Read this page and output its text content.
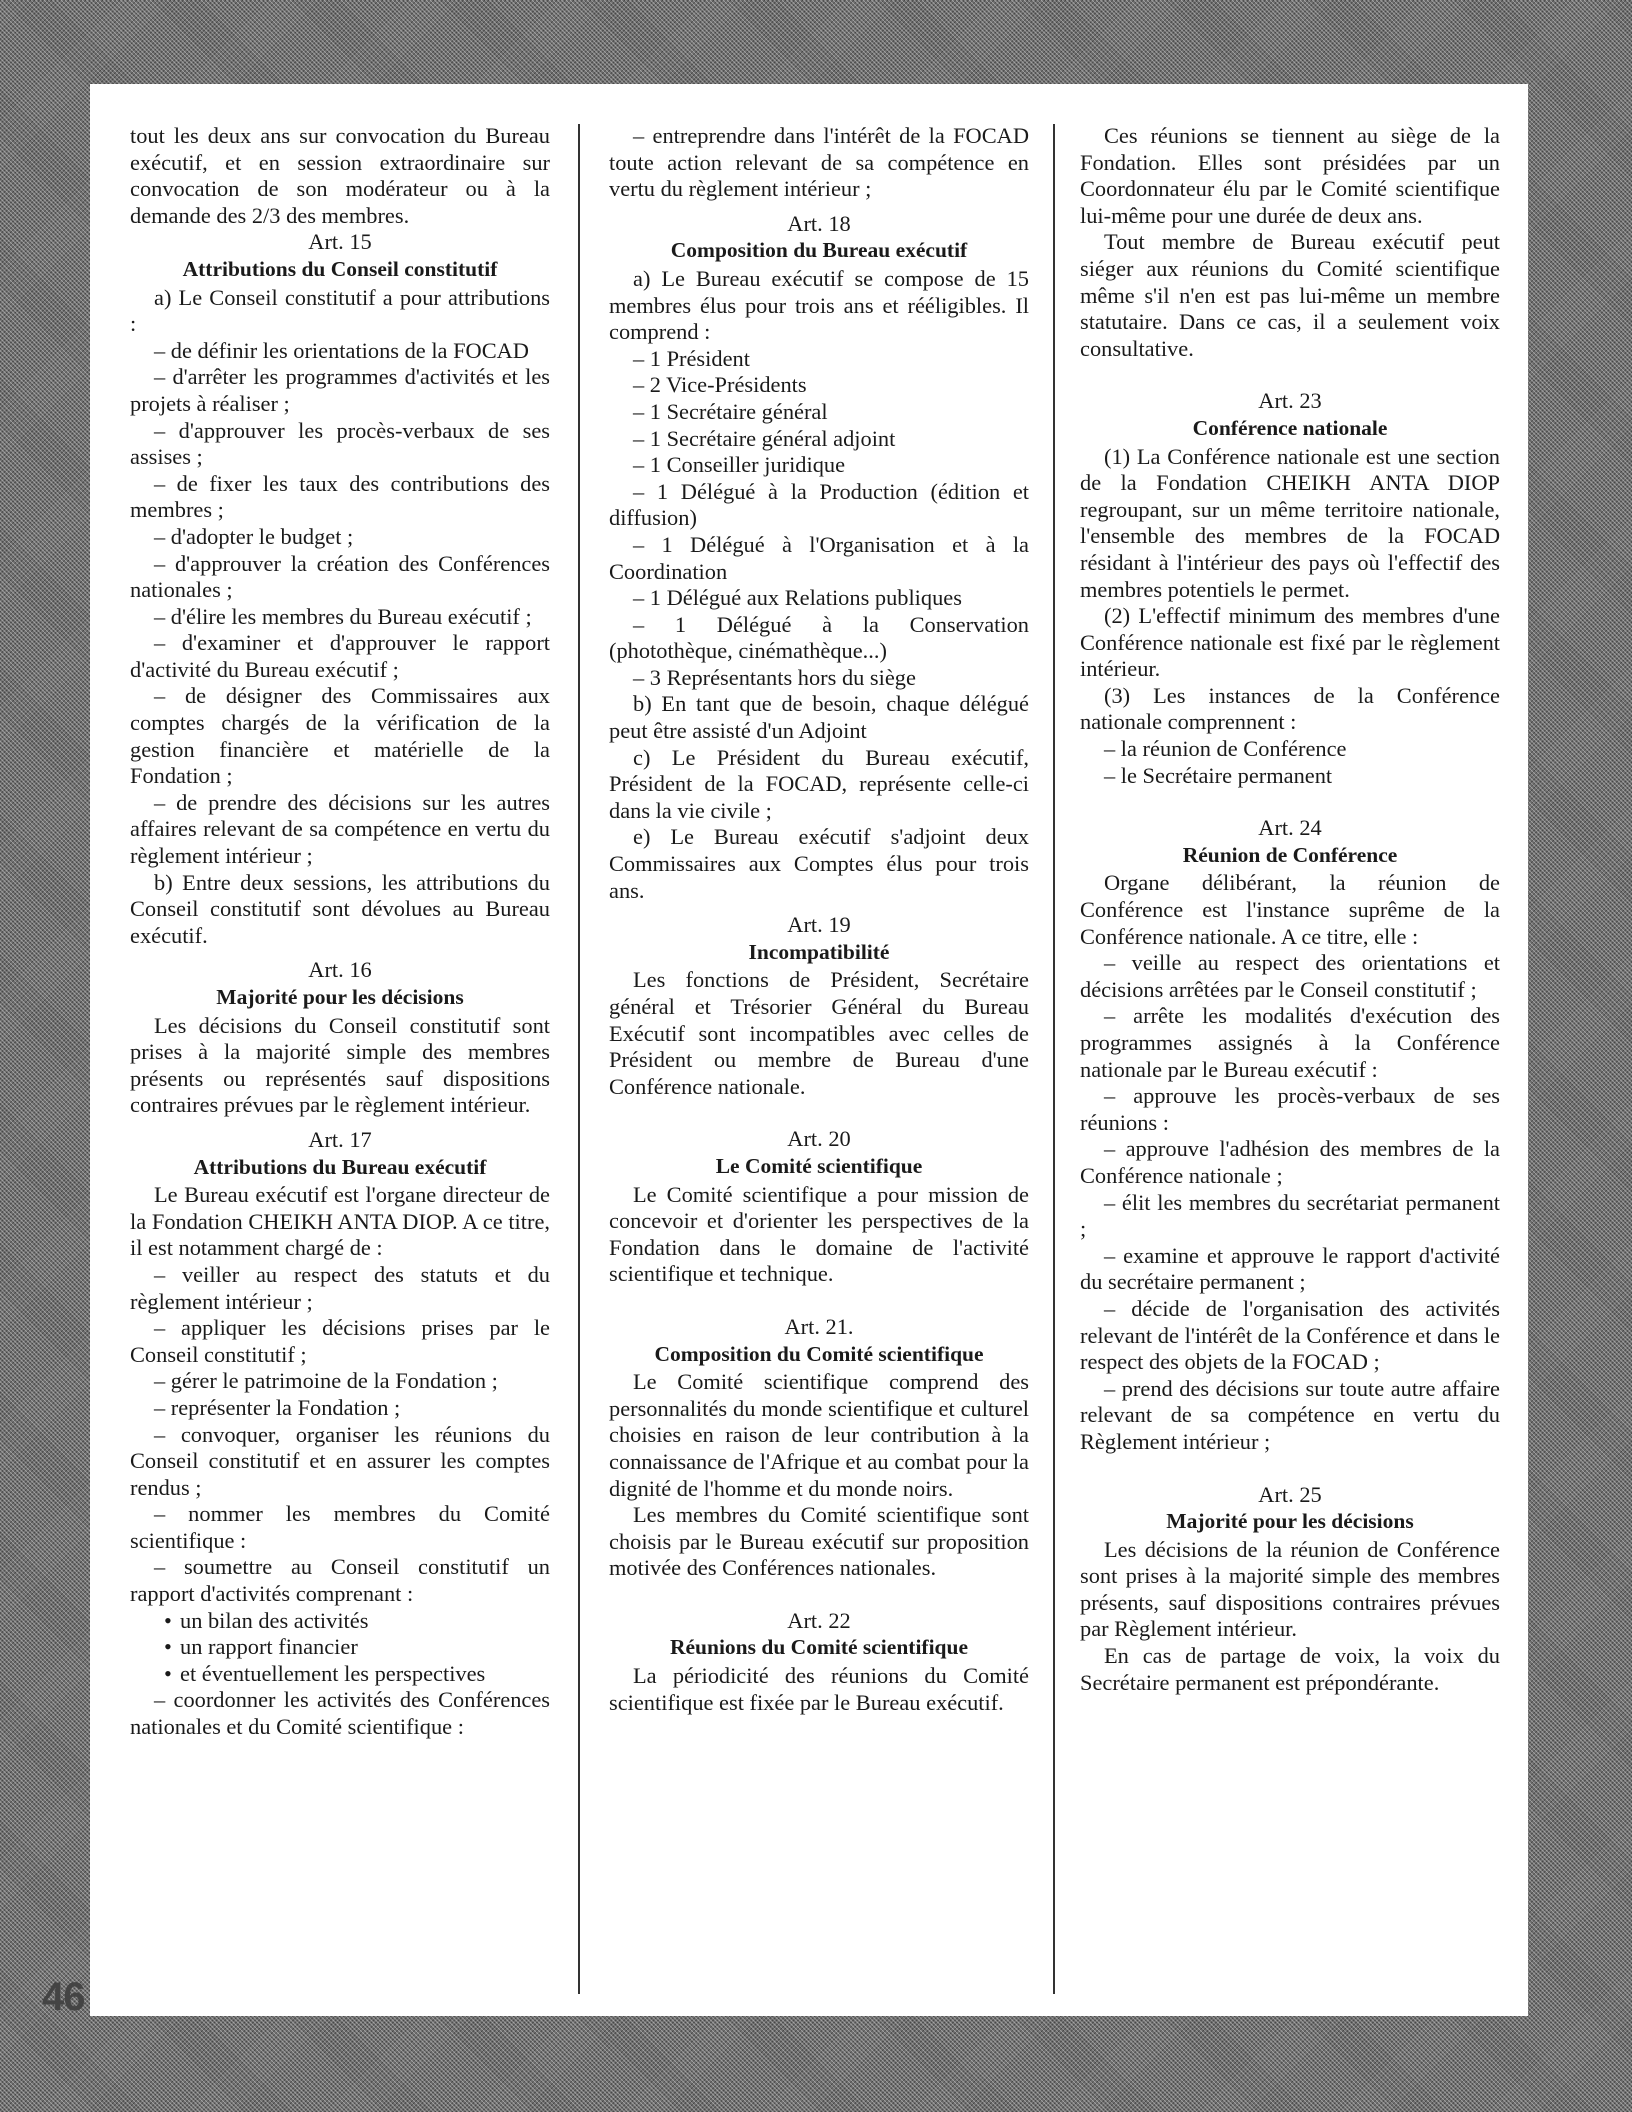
tout les deux ans sur convocation du Bureau exécutif, et en session extraordinaire sur convocation de son modérateur ou à la demande des 2/3 des membres.

Art. 15

Attributions du Conseil constitutif

a) Le Conseil constitutif a pour attributions :

– de définir les orientations de la FOCAD

– d'arrêter les programmes d'activités et les projets à réaliser ;

– d'approuver les procès-verbaux de ses assises ;

– de fixer les taux des contributions des membres ;

– d'adopter le budget ;

– d'approuver la création des Conférences nationales ;

– d'élire les membres du Bureau exécutif ;

– d'examiner et d'approuver le rapport d'activité du Bureau exécutif ;

– de désigner des Commissaires aux comptes chargés de la vérification de la gestion financière et matérielle de la Fondation ;

– de prendre des décisions sur les autres affaires relevant de sa compétence en vertu du règlement intérieur ;

b) Entre deux sessions, les attributions du Conseil constitutif sont dévolues au Bureau exécutif.

Art. 16

Majorité pour les décisions

Les décisions du Conseil constitutif sont prises à la majorité simple des membres présents ou représentés sauf dispositions contraires prévues par le règlement intérieur.

Art. 17

Attributions du Bureau exécutif

Le Bureau exécutif est l'organe directeur de la Fondation CHEIKH ANTA DIOP. A ce titre, il est notamment chargé de :

– veiller au respect des statuts et du règlement intérieur ;

– appliquer les décisions prises par le Conseil constitutif ;

– gérer le patrimoine de la Fondation ;

– représenter la Fondation ;

– convoquer, organiser les réunions du Conseil constitutif et en assurer les comptes rendus ;

– nommer les membres du Comité scientifique :

– soumettre au Conseil constitutif un rapport d'activités comprenant :

• un bilan des activités

• un rapport financier

• et éventuellement les perspectives

– coordonner les activités des Conférences nationales et du Comité scientifique :

– entreprendre dans l'intérêt de la FOCAD toute action relevant de sa compétence en vertu du règlement intérieur ;

Art. 18

Composition du Bureau exécutif

a) Le Bureau exécutif se compose de 15 membres élus pour trois ans et rééligibles. Il comprend :

– 1 Président

– 2 Vice-Présidents

– 1 Secrétaire général

– 1 Secrétaire général adjoint

– 1 Conseiller juridique

– 1 Délégué à la Production (édition et diffusion)

– 1 Délégué à l'Organisation et à la Coordination

– 1 Délégué aux Relations publiques

– 1 Délégué à la Conservation (photothèque, cinémathèque...)

– 3 Représentants hors du siège

b) En tant que de besoin, chaque délégué peut être assisté d'un Adjoint

c) Le Président du Bureau exécutif, Président de la FOCAD, représente celle-ci dans la vie civile ;

e) Le Bureau exécutif s'adjoint deux Commissaires aux Comptes élus pour trois ans.

Art. 19

Incompatibilité

Les fonctions de Président, Secrétaire général et Trésorier Général du Bureau Exécutif sont incompatibles avec celles de Président ou membre de Bureau d'une Conférence nationale.

Art. 20

Le Comité scientifique

Le Comité scientifique a pour mission de concevoir et d'orienter les perspectives de la Fondation dans le domaine de l'activité scientifique et technique.

Art. 21.

Composition du Comité scientifique

Le Comité scientifique comprend des personnalités du monde scientifique et culturel choisies en raison de leur contribution à la connaissance de l'Afrique et au combat pour la dignité de l'homme et du monde noirs.

Les membres du Comité scientifique sont choisis par le Bureau exécutif sur proposition motivée des Conférences nationales.

Art. 22

Réunions du Comité scientifique

La périodicité des réunions du Comité scientifique est fixée par le Bureau exécutif.

Ces réunions se tiennent au siège de la Fondation. Elles sont présidées par un Coordonnateur élu par le Comité scientifique lui-même pour une durée de deux ans.

Tout membre de Bureau exécutif peut siéger aux réunions du Comité scientifique même s'il n'en est pas lui-même un membre statutaire. Dans ce cas, il a seulement voix consultative.

Art. 23

Conférence nationale

(1) La Conférence nationale est une section de la Fondation CHEIKH ANTA DIOP regroupant, sur un même territoire nationale, l'ensemble des membres de la FOCAD résidant à l'intérieur des pays où l'effectif des membres potentiels le permet.

(2) L'effectif minimum des membres d'une Conférence nationale est fixé par le règlement intérieur.

(3) Les instances de la Conférence nationale comprennent :

– la réunion de Conférence

– le Secrétaire permanent

Art. 24

Réunion de Conférence

Organe délibérant, la réunion de Conférence est l'instance suprême de la Conférence nationale. A ce titre, elle :

– veille au respect des orientations et décisions arrêtées par le Conseil constitutif ;

– arrête les modalités d'exécution des programmes assignés à la Conférence nationale par le Bureau exécutif :

– approuve les procès-verbaux de ses réunions :

– approuve l'adhésion des membres de la Conférence nationale ;

– élit les membres du secrétariat permanent ;

– examine et approuve le rapport d'activité du secrétaire permanent ;

– décide de l'organisation des activités relevant de l'intérêt de la Conférence et dans le respect des objets de la FOCAD ;

– prend des décisions sur toute autre affaire relevant de sa compétence en vertu du Règlement intérieur ;

Art. 25

Majorité pour les décisions

Les décisions de la réunion de Conférence sont prises à la majorité simple des membres présents, sauf dispositions contraires prévues par Règlement intérieur.

En cas de partage de voix, la voix du Secrétaire permanent est prépondérante.

46
